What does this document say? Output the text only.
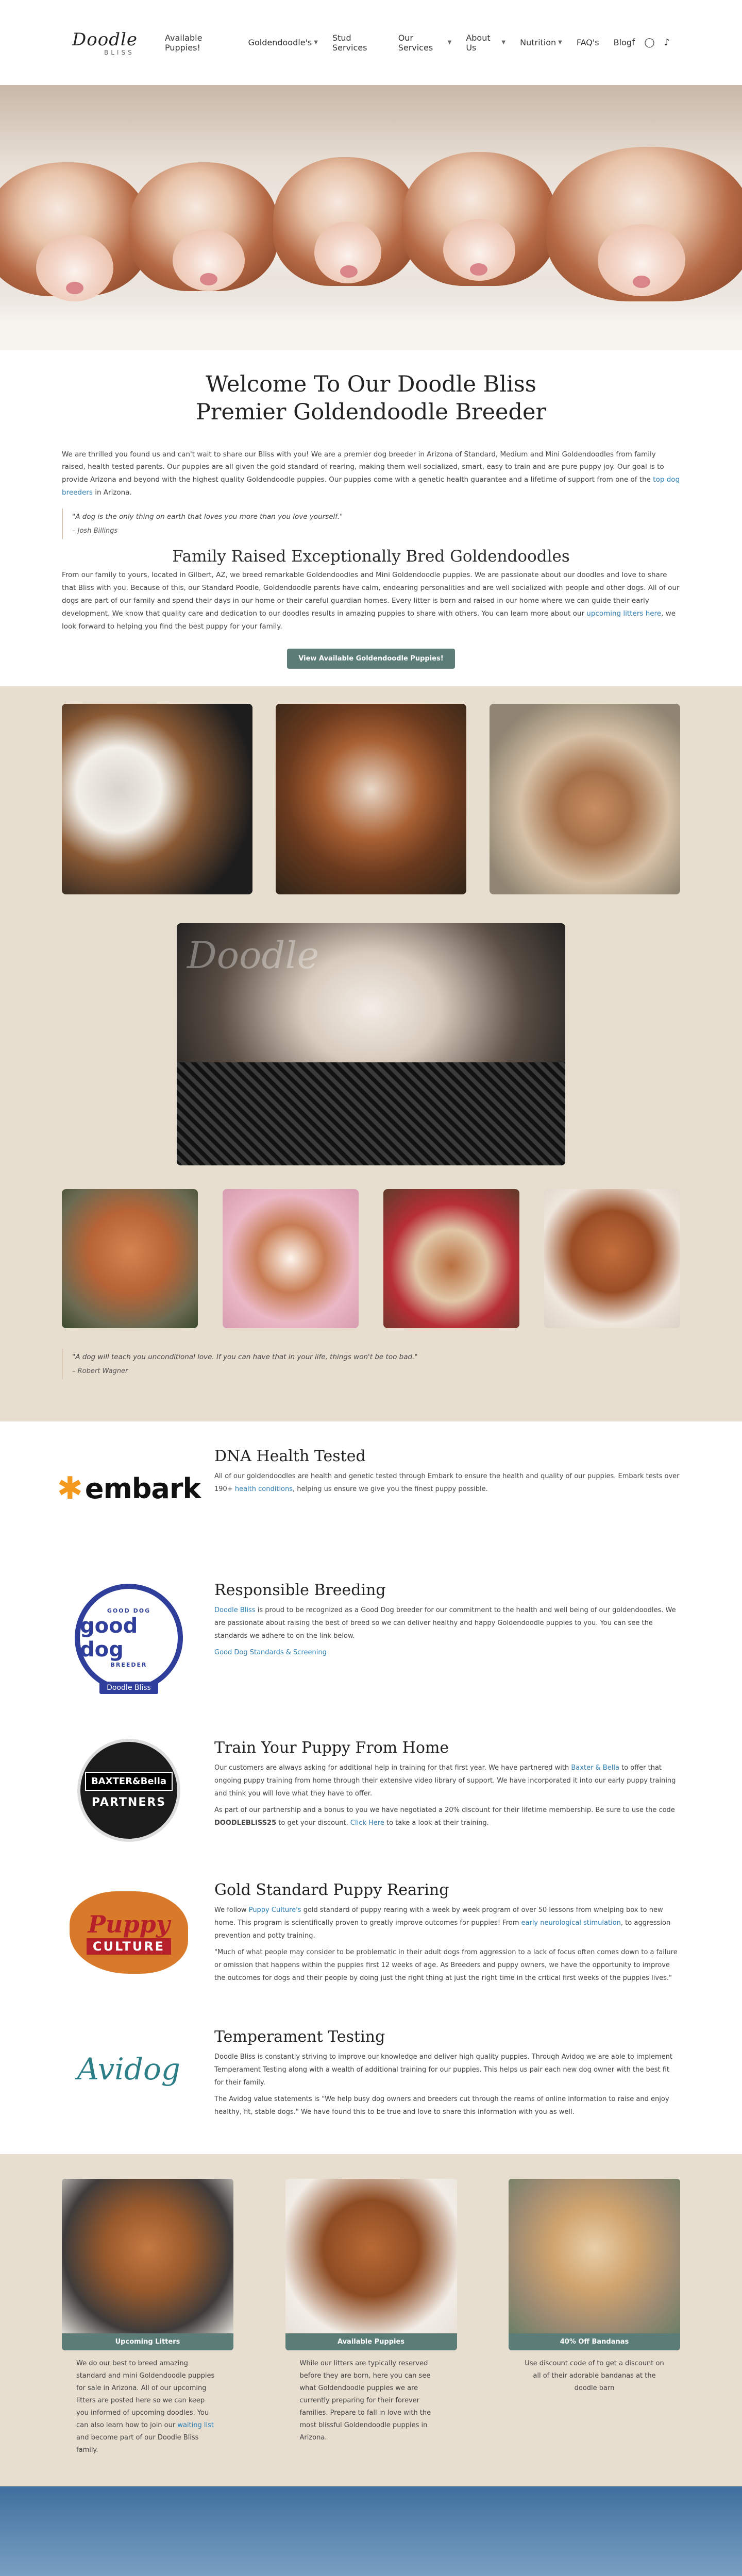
Doodle
BLISS
Available Puppies!	Goldendoodle's ▼ Stud Services
Our Services	▼ About Us	▼ Nutrition ▼ FAQ's Blog f ◯ ♪
Welcome To Our Doodle Bliss
Premier Goldendoodle Breeder

We are thrilled you found us and can't wait to share our Bliss with you! We are a premier dog breeder in Arizona of Standard, Medium and Mini Goldendoodles from family raised, health tested parents. Our puppies are all given the gold standard of rearing, making them well socialized, smart, easy to train and are pure puppy joy. Our goal is to provide Arizona and beyond with the highest quality Goldendoodle puppies. Our puppies come with a genetic health guarantee and a lifetime of support from one of the top dog breeders in Arizona.

"A dog is the only thing on earth that loves you more than you love yourself."
– Josh Billings
Family Raised Exceptionally Bred Goldendoodles

From our family to yours, located in Gilbert, AZ, we breed remarkable Goldendoodles and Mini Goldendoodle puppies. We are passionate about our doodles and love to share that Bliss with you. Because of this, our Standard Poodle, Goldendoodle parents have calm, endearing personalities and are well socialized with people and other dogs. All of our dogs are part of our family and spend their days in our home or their careful guardian homes. Every litter is born and raised in our home where we can guide their early development. We know that quality care and dedication to our doodles results in amazing puppies to share with others. You can learn more about our upcoming litters here, we look forward to helping you find the best puppy for your family.

View Available Goldendoodle Puppies!
Doodle
"A dog will teach you unconditional love. If you can have that in your life, things won't be too bad."
– Robert Wagner
✱ embark
DNA Health Tested

All of our goldendoodles are health and genetic tested through Embark to ensure the health and quality of our puppies. Embark tests over 190+ health conditions, helping us ensure we give you the finest puppy possible.

GOOD DOG
good dog
BREEDER
Doodle Bliss
Responsible Breeding

Doodle Bliss is proud to be recognized as a Good Dog breeder for our commitment to the health and well being of our goldendoodles. We are passionate about raising the best of breed so we can deliver healthy and happy Goldendoodle puppies to you. You can see the standards we adhere to on the link below.

Good Dog Standards & Screening
BAXTER&Bella
PARTNERS
Train Your Puppy From Home

Our customers are always asking for additional help in training for that first year. We have partnered with Baxter & Bella to offer that ongoing puppy training from home through their extensive video library of support. We have incorporated it into our early puppy training and think you will love what they have to offer.

As part of our partnership and a bonus to you we have negotiated a 20% discount for their lifetime membership. Be sure to use the code DOODLEBLISS25 to get your discount. Click Here to take a look at their training.

Puppy
CULTURE
Gold Standard Puppy Rearing

We follow Puppy Culture's gold standard of puppy rearing with a week by week program of over 50 lessons from whelping box to new home. This program is scientifically proven to greatly improve outcomes for puppies! From early neurological stimulation, to aggression prevention and potty training.

"Much of what people may consider to be problematic in their adult dogs from aggression to a lack of focus often comes down to a failure or omission that happens within the puppies first 12 weeks of age. As Breeders and puppy owners, we have the opportunity to improve the outcomes for dogs and their people by doing just the right thing at just the right time in the critical first weeks of the puppies lives."

Avidog
Temperament Testing

Doodle Bliss is constantly striving to improve our knowledge and deliver high quality puppies. Through Avidog we are able to implement Temperament Testing along with a wealth of additional training for our puppies. This helps us pair each new dog owner with the best fit for their family.

The Avidog value statements is "We help busy dog owners and breeders cut through the reams of online information to raise and enjoy healthy, fit, stable dogs." We have found this to be true and love to share this information with you as well.

Upcoming Litters

We do our best to breed amazing standard and mini Goldendoodle puppies for sale in Arizona. All of our upcoming litters are posted here so we can keep you informed of upcoming doodles. You can also learn how to join our waiting list and become part of our Doodle Bliss family.

Available Puppies

While our litters are typically reserved before they are born, here you can see what Goldendoodle puppies we are currently preparing for their forever families. Prepare to fall in love with the most blissful Goldendoodle puppies in Arizona.

40% Off Bandanas

Use discount code of to get a discount on all of their adorable bandanas at the doodle barn
